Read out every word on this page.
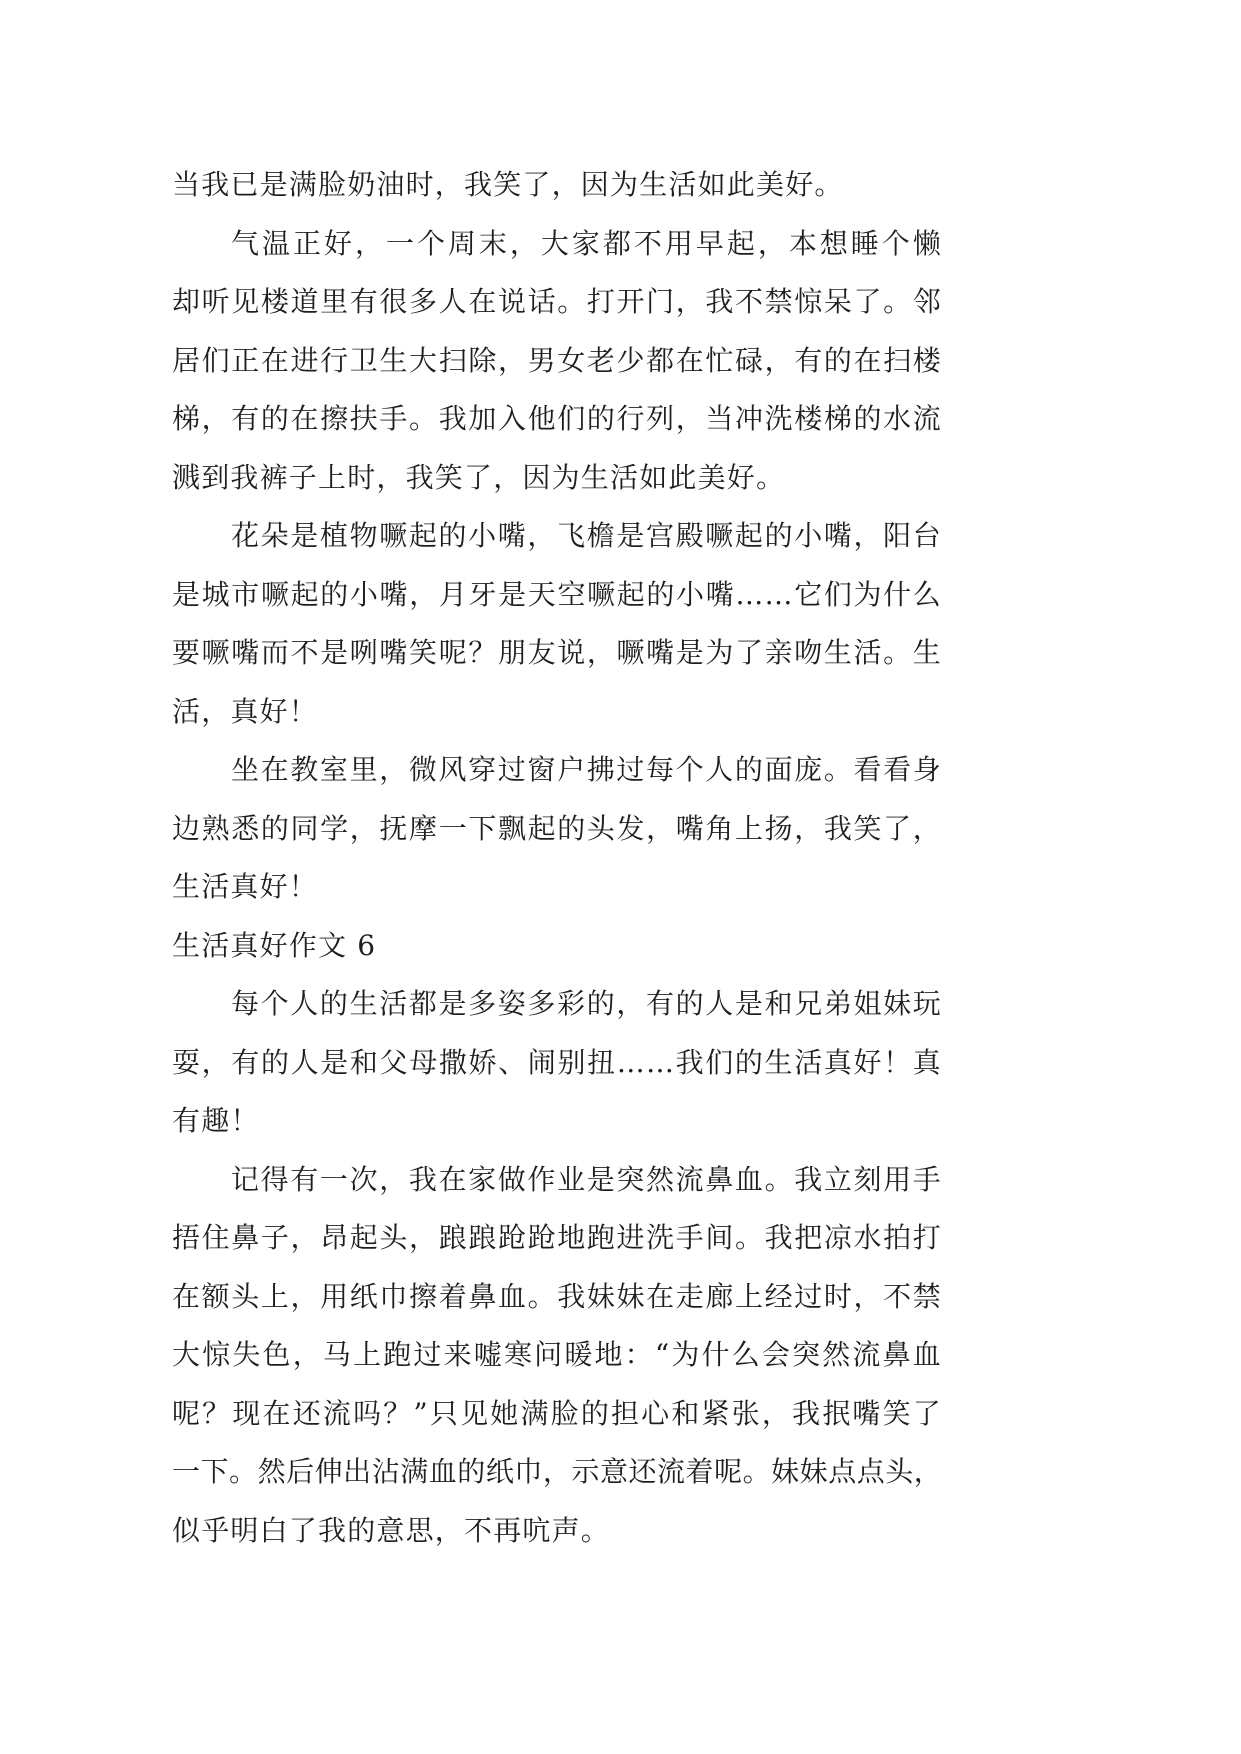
当我已是满脸奶油时，我笑了，因为生活如此美好。
气温正好，一个周末，大家都不用早起，本想睡个懒
却听见楼道里有很多人在说话。打开门，我不禁惊呆了。邻
居们正在进行卫生大扫除，男女老少都在忙碌，有的在扫楼
梯，有的在擦扶手。我加入他们的行列，当冲洗楼梯的水流
溅到我裤子上时，我笑了，因为生活如此美好。
花朵是植物噘起的小嘴，飞檐是宫殿噘起的小嘴，阳台
是城市噘起的小嘴，月牙是天空噘起的小嘴……它们为什么
要噘嘴而不是咧嘴笑呢？朋友说，噘嘴是为了亲吻生活。生
活，真好！
坐在教室里，微风穿过窗户拂过每个人的面庞。看看身
边熟悉的同学，抚摩一下飘起的头发，嘴角上扬，我笑了，
生活真好！
生活真好作文 6
每个人的生活都是多姿多彩的，有的人是和兄弟姐妹玩
耍，有的人是和父母撒娇、闹别扭……我们的生活真好！真
有趣！
记得有一次，我在家做作业是突然流鼻血。我立刻用手
捂住鼻子，昂起头，踉踉跄跄地跑进洗手间。我把凉水拍打
在额头上，用纸巾擦着鼻血。我妹妹在走廊上经过时，不禁
大惊失色，马上跑过来嘘寒问暖地：“为什么会突然流鼻血
呢？现在还流吗？”只见她满脸的担心和紧张，我抿嘴笑了
一下。然后伸出沾满血的纸巾，示意还流着呢。妹妹点点头，
似乎明白了我的意思，不再吭声。
